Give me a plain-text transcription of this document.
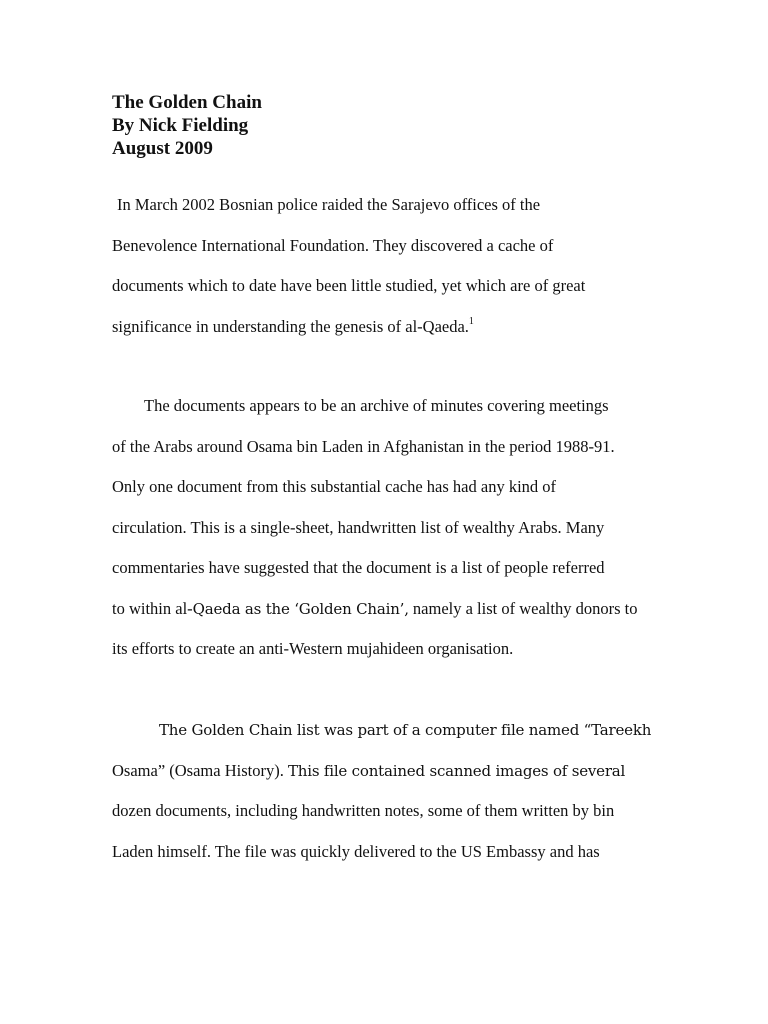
The Golden Chain
By Nick Fielding
August 2009

In March 2002 Bosnian police raided the Sarajevo offices of the
Benevolence International Foundation. They discovered a cache of
documents which to date have been little studied, yet which are of great
significance in understanding the genesis of al-Qaeda.$^1$

The documents appears to be an archive of minutes covering meetings
of the Arabs around Osama bin Laden in Afghanistan in the period 1988-91.
Only one document from this substantial cache has had any kind of
circulation. This is a single-sheet, handwritten list of wealthy Arabs. Many
commentaries have suggested that the document is a list of people referred
to within al-Qaeda as the ‘Golden Chain’, namely a list of wealthy donors to
its efforts to create an anti-Western mujahideen organisation.

The Golden Chain list was part of a computer file named “Tareekh
Osama” (Osama History). This file contained scanned images of several
dozen documents, including handwritten notes, some of them written by bin
Laden himself. The file was quickly delivered to the US Embassy and has
